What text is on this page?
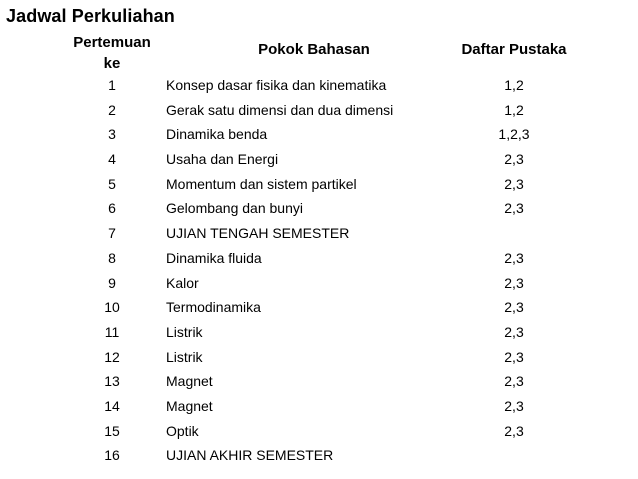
Jadwal Perkuliahan
Pertemuan
ke
Pokok Bahasan	Daftar Pustaka
1	Konsep dasar fisika dan kinematika	1,2
2	Gerak satu dimensi dan dua dimensi	1,2
3	Dinamika benda	1,2,3
4	Usaha dan Energi	2,3
5	Momentum dan sistem partikel	2,3
6	Gelombang dan bunyi	2,3
7	UJIAN TENGAH SEMESTER
8	Dinamika fluida	2,3
9	Kalor	2,3
10	Termodinamika	2,3
11	Listrik	2,3
12	Listrik	2,3
13	Magnet	2,3
14	Magnet	2,3
15	Optik	2,3
16	UJIAN AKHIR SEMESTER
